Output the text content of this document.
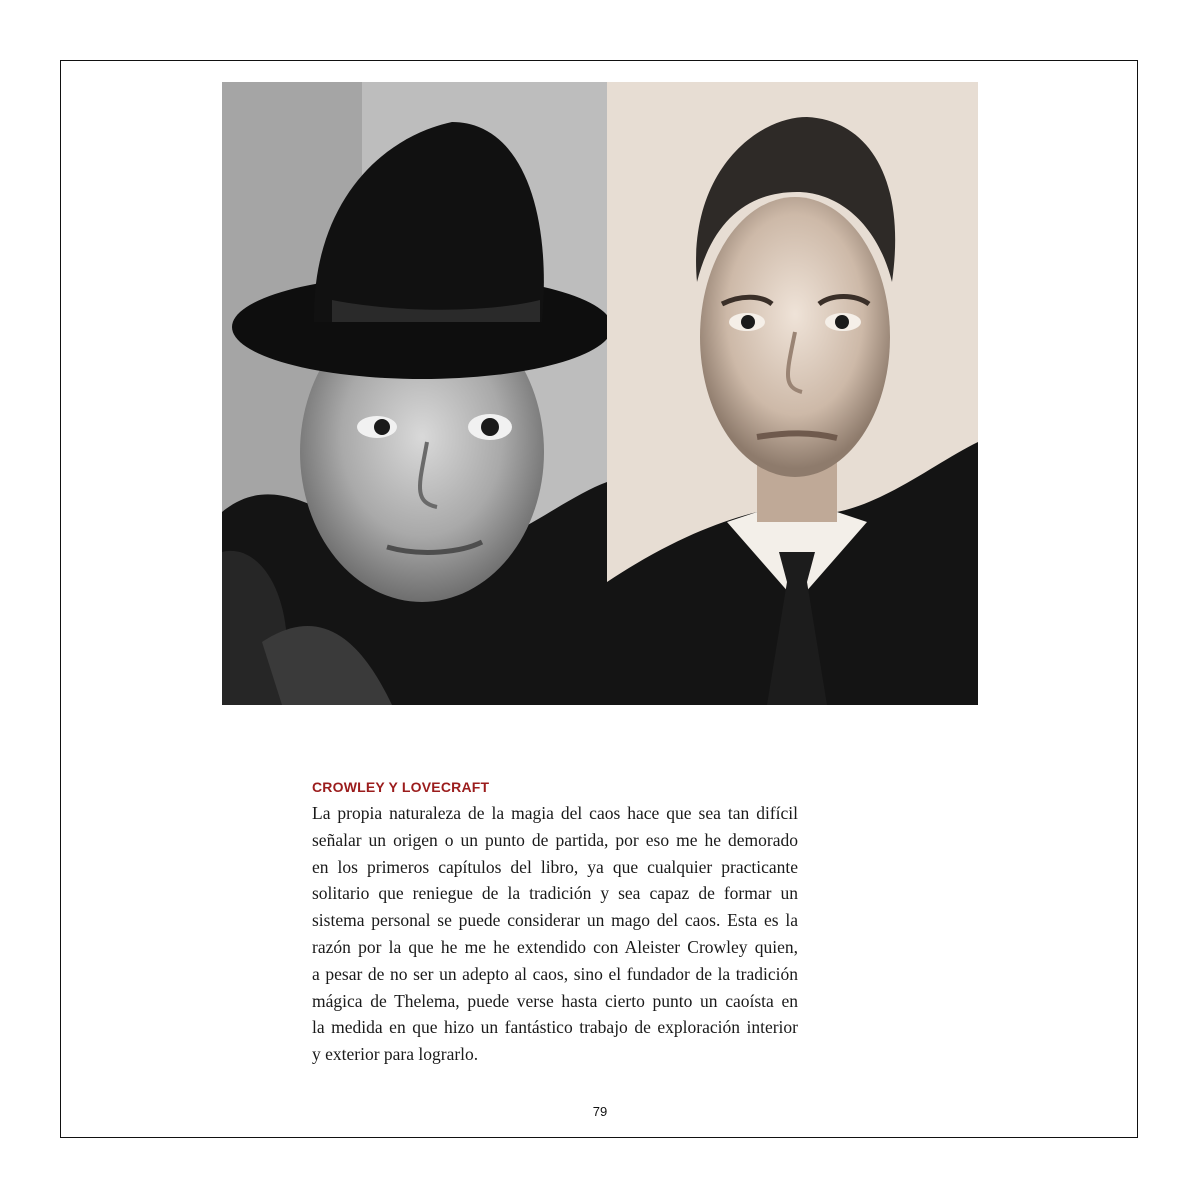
CROWLEY Y LOVECRAFT
La propia naturaleza de la magia del caos hace que sea tan difícil
señalar un origen o un punto de partida, por eso me he demorado
en los primeros capítulos del libro, ya que cualquier practicante
solitario que reniegue de la tradición y sea capaz de formar un
sistema personal se puede considerar un mago del caos. Esta es la
razón por la que he me he extendido con Aleister Crowley quien,
a pesar de no ser un adepto al caos, sino el fundador de la tradición
mágica de Thelema, puede verse hasta cierto punto un caoísta en
la medida en que hizo un fantástico trabajo de exploración interior
y exterior para lograrlo.
79
